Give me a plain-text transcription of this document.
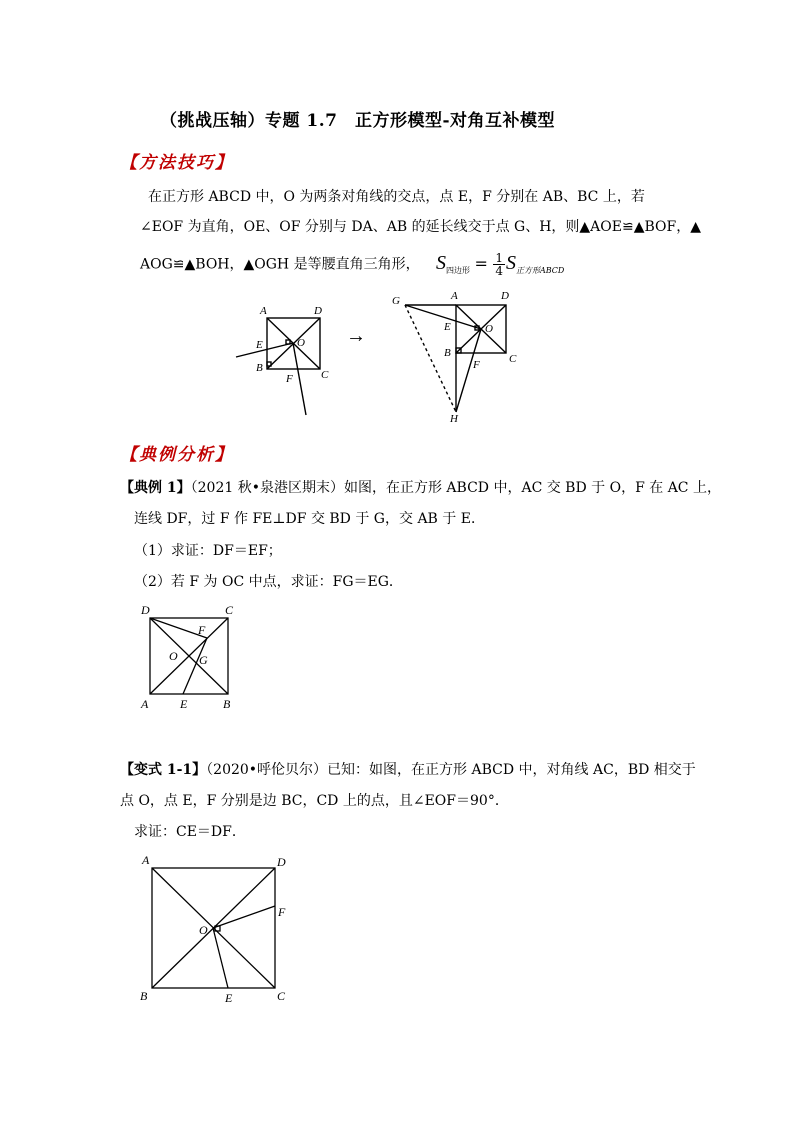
（挑战压轴）专题 1.7　正方形模型-对角互补模型
【方法技巧】
在正方形 ABCD 中，O 为两条对角线的交点，点 E，F 分别在 AB、BC 上，若
∠EOF 为直角，OE、OF 分别与 DA、AB 的延长线交于点 G、H，则▲AOE≌▲BOF，▲
AOG≌▲BOH，▲OGH 是等腰直角三角形， $S_{四边形} = \frac{1}{4} S_{正方形ABCD}$
A	D
E	O
B
F	C
→
G	A	D
E	O
B
F	C
H
【典例分析】
【典例 1】（2021 秋•泉港区期末）如图，在正方形 ABCD 中，AC 交 BD 于 O，F 在 AC 上，
连线 DF，过 F 作 FE⊥DF 交 BD 于 G，交 AB 于 E．
（1）求证：DF＝EF；
（2）若 F 为 OC 中点，求证：FG＝EG．
D	C
F
O G
A	E	B
【变式 1-1】（2020•呼伦贝尔）已知：如图，在正方形 ABCD 中，对角线 AC，BD 相交于
点 O，点 E，F 分别是边 BC，CD 上的点，且∠EOF＝90°．
求证：CE＝DF．
A	D
F
O
B	E	C
